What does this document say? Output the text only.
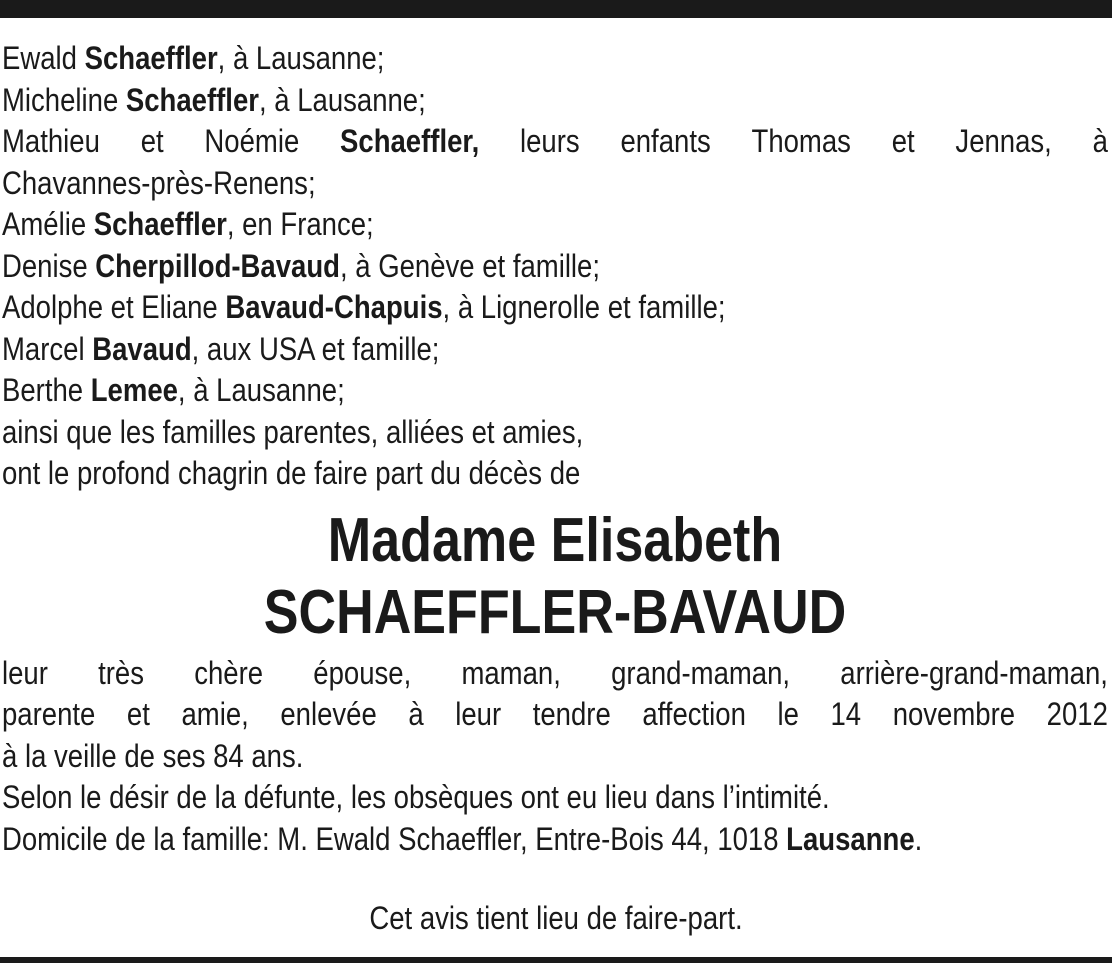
Ewald Schaeffler, à Lausanne;
Micheline Schaeffler, à Lausanne;
Mathieu et Noémie Schaeffler, leurs enfants Thomas et Jennas, à
Chavannes-près-Renens;
Amélie Schaeffler, en France;
Denise Cherpillod-Bavaud, à Genève et famille;
Adolphe et Eliane Bavaud-Chapuis, à Lignerolle et famille;
Marcel Bavaud, aux USA et famille;
Berthe Lemee, à Lausanne;
ainsi que les familles parentes, alliées et amies,
ont le profond chagrin de faire part du décès de
Madame Elisabeth
SCHAEFFLER-BAVAUD
leur très chère épouse, maman, grand-maman, arrière-grand-maman,
parente et amie, enlevée à leur tendre affection le 14 novembre 2012
à la veille de ses 84 ans.
Selon le désir de la défunte, les obsèques ont eu lieu dans l’intimité.
Domicile de la famille: M. Ewald Schaeffler, Entre-Bois 44, 1018 Lausanne.
Cet avis tient lieu de faire-part.
